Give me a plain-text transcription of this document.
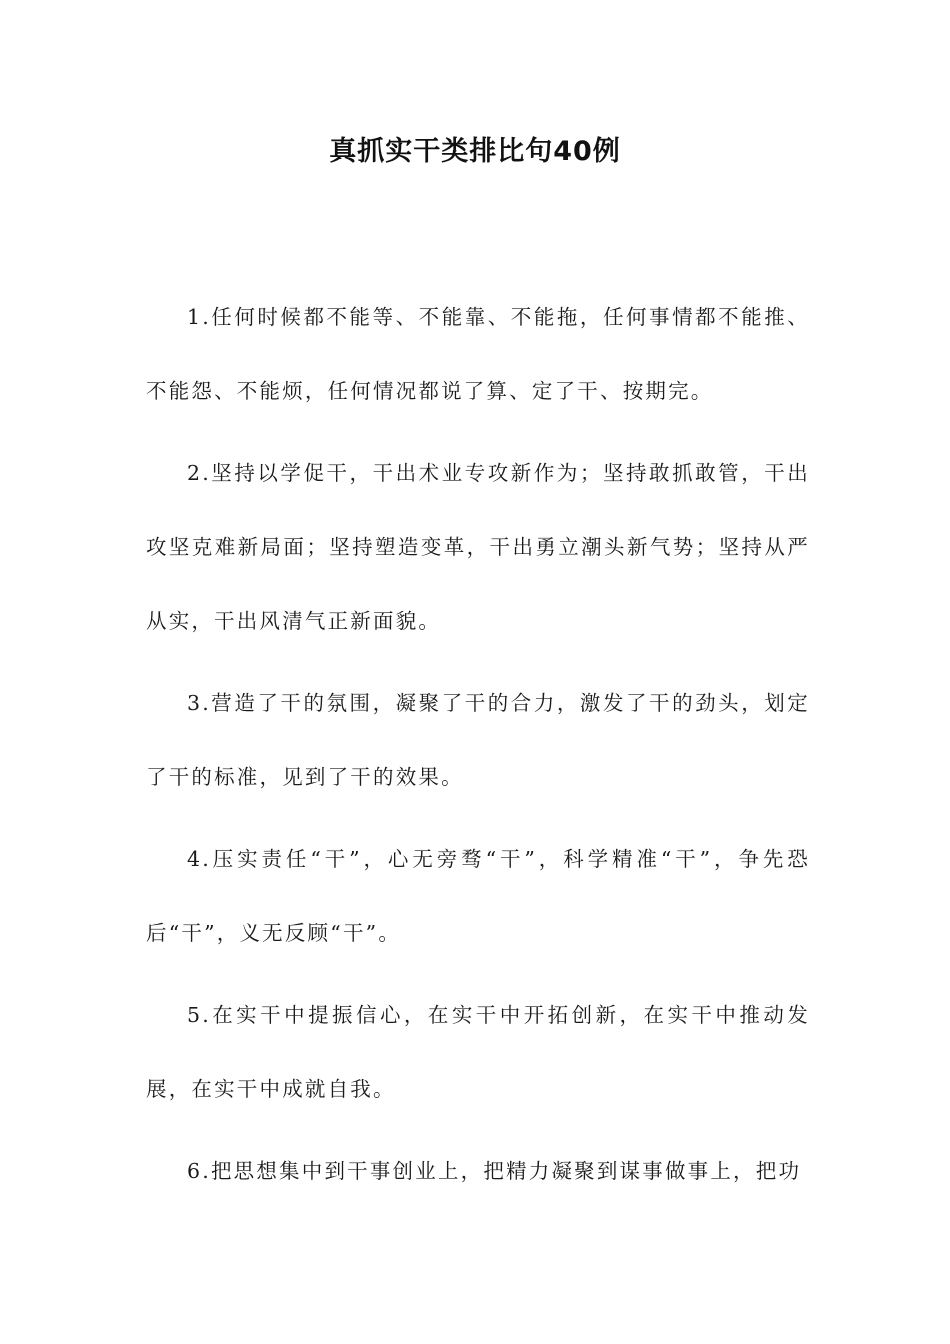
真抓实干类排比句40例

1.任何时候都不能等、不能靠、不能拖，任何事情都不能推、不能怨、不能烦，任何情况都说了算、定了干、按期完。

2.坚持以学促干，干出术业专攻新作为；坚持敢抓敢管，干出攻坚克难新局面；坚持塑造变革，干出勇立潮头新气势；坚持从严从实，干出风清气正新面貌。

3.营造了干的氛围，凝聚了干的合力，激发了干的劲头，划定了干的标准，见到了干的效果。

4.压实责任“干”，心无旁骛“干”，科学精准“干”，争先恐后“干”，义无反顾“干”。

5.在实干中提振信心，在实干中开拓创新，在实干中推动发展，在实干中成就自我。

6.把思想集中到干事创业上，把精力凝聚到谋事做事上，把功
